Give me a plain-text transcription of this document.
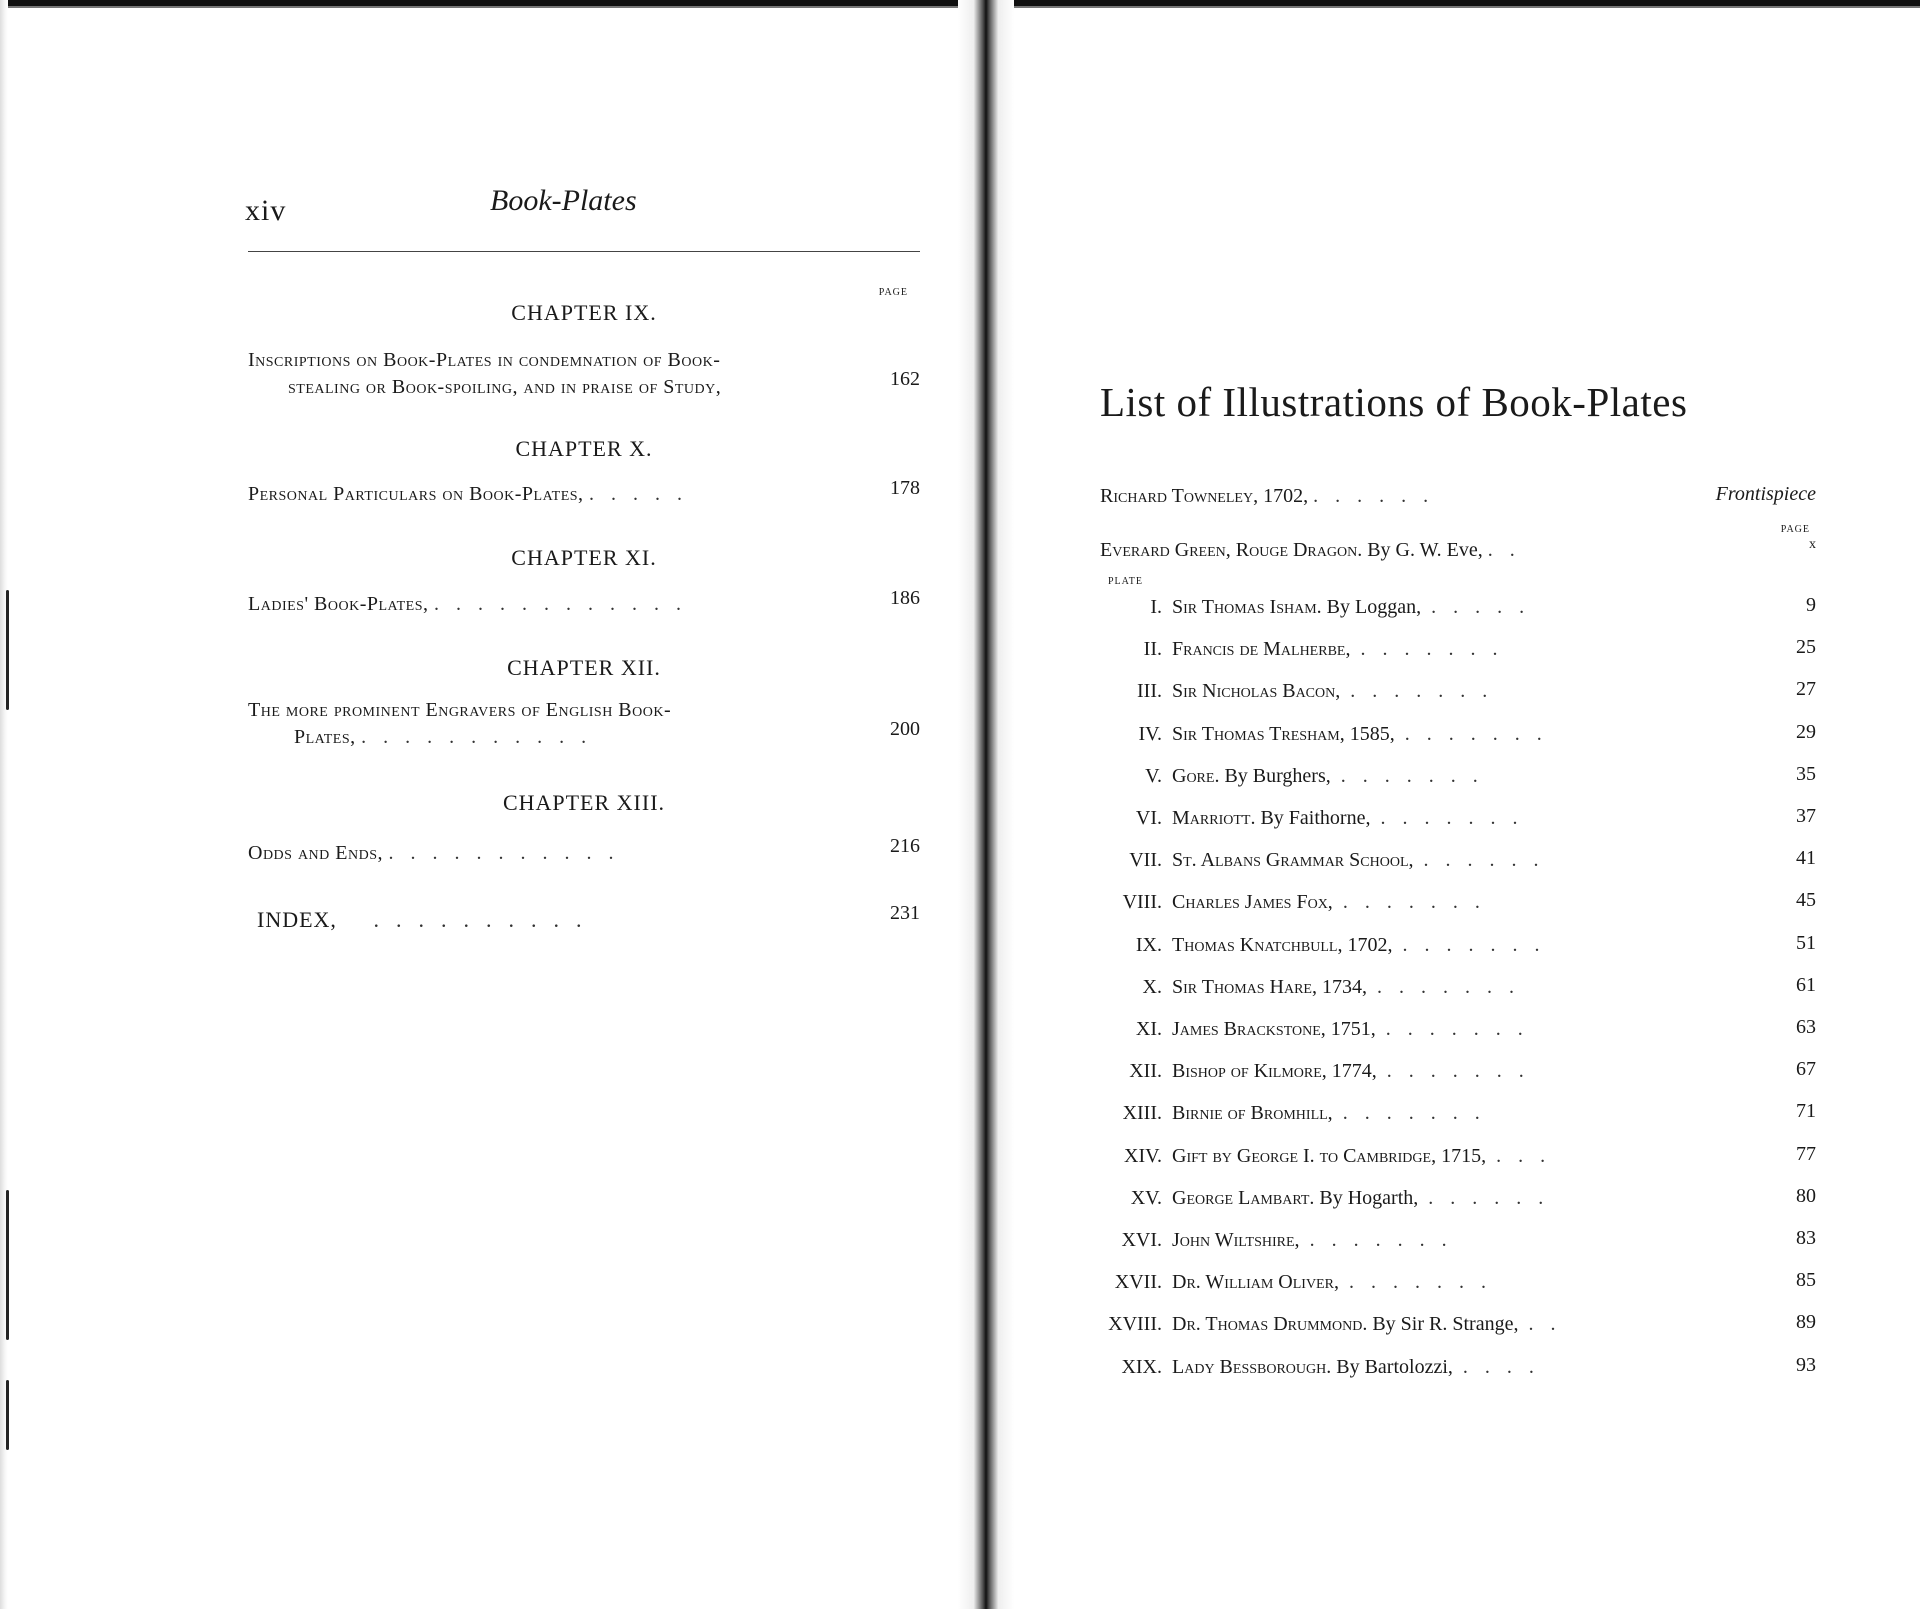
xiv	Book-Plates
PAGE
CHAPTER IX.
Inscriptions on Book-Plates in condemnation of Book-
stealing or Book-spoiling, and in praise of Study,	162
CHAPTER X.
Personal Particulars on Book-Plates, .....	178
CHAPTER XI.
Ladies' Book-Plates, ............	186
CHAPTER XII.
The more prominent Engravers of English Book-
Plates, ...........	200
CHAPTER XIII.
Odds and Ends, ...........	216
INDEX, ..........	231
List of Illustrations of Book-Plates
Richard Towneley, 1702, ......	Frontispiece
PAGE
Everard Green, Rouge Dragon. By G. W. Eve, ..	x
PLATE
I. Sir Thomas Isham. By Loggan, .....	9
II. Francis de Malherbe, .......	25
III. Sir Nicholas Bacon, .......	27
IV. Sir Thomas Tresham, 1585, .......	29
V. Gore. By Burghers, .......	35
VI. Marriott. By Faithorne, .......	37
VII. St. Albans Grammar School, ......	41
VIII. Charles James Fox, .......	45
IX. Thomas Knatchbull, 1702, .......	51
X. Sir Thomas Hare, 1734, .......	61
XI. James Brackstone, 1751, .......	63
XII. Bishop of Kilmore, 1774, .......	67
XIII. Birnie of Bromhill, .......	71
XIV. Gift by George I. to Cambridge, 1715, ...	77
XV. George Lambart. By Hogarth, ......	80
XVI. John Wiltshire, .......	83
XVII. Dr. William Oliver, .......	85
XVIII. Dr. Thomas Drummond. By Sir R. Strange, ..	89
XIX. Lady Bessborough. By Bartolozzi, ....	93
